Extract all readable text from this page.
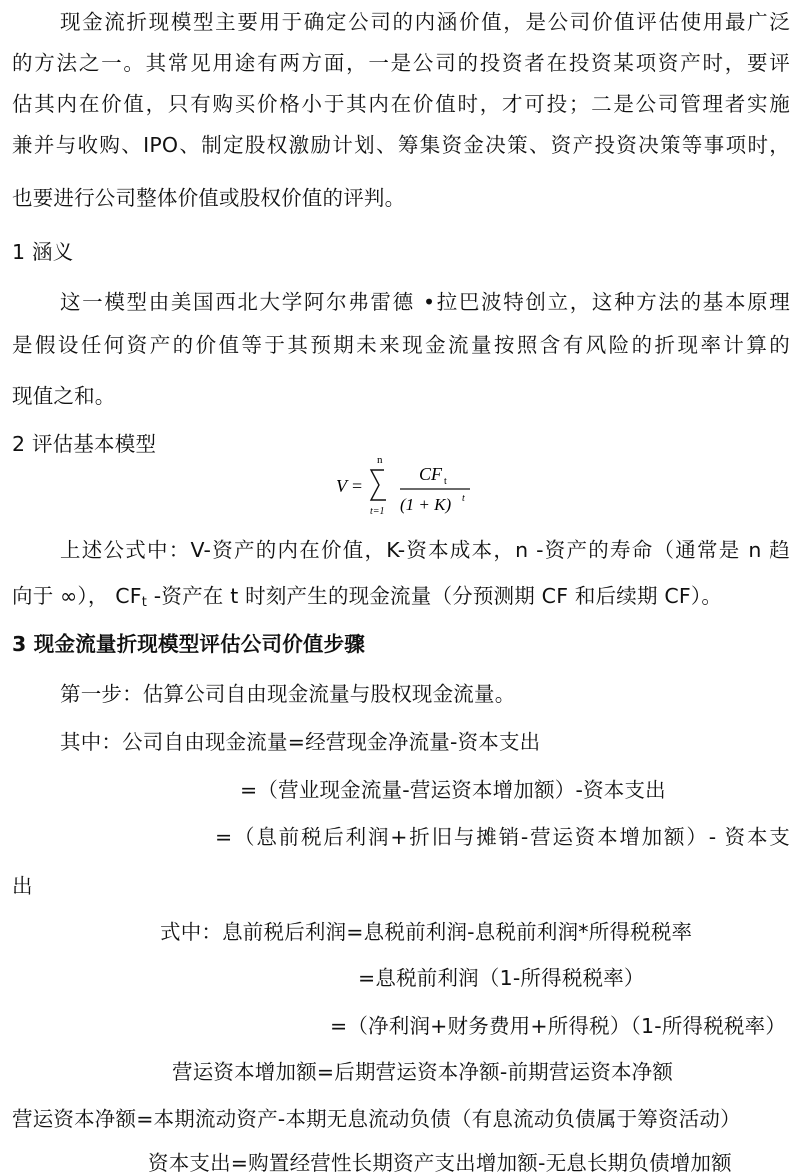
现金流折现模型主要用于确定公司的内涵价值，是公司价值评估使用最广泛
的方法之一。其常见用途有两方面，一是公司的投资者在投资某项资产时，要评
估其内在价值，只有购买价格小于其内在价值时，才可投；二是公司管理者实施
兼并与收购、IPO、制定股权激励计划、筹集资金决策、资产投资决策等事项时，
也要进行公司整体价值或股权价值的评判。
1 涵义
这一模型由美国西北大学阿尔弗雷德 •拉巴波特创立，这种方法的基本原理
是假设任何资产的价值等于其预期未来现金流量按照含有风险的折现率计算的
现值之和。
2 评估基本模型
V =
n
t=1
CF t
(1 + K) t
上述公式中：V-资产的内在价值，K-资本成本，n -资产的寿命（通常是 n 趋
向于 ∞）， $CF_t$ -资产在 t 时刻产生的现金流量（分预测期 CF 和后续期 CF）。
3 现金流量折现模型评估公司价值步骤
第一步：估算公司自由现金流量与股权现金流量。
其中：公司自由现金流量=经营现金净流量-资本支出
=（营业现金流量-营运资本增加额）-资本支出
=（息前税后利润+折旧与摊销-营运资本增加额）- 资本支
出
式中：息前税后利润=息税前利润-息税前利润*所得税税率
=息税前利润（1-所得税税率）
=（净利润+财务费用+所得税）（1-所得税税率）
营运资本增加额=后期营运资本净额-前期营运资本净额
营运资本净额=本期流动资产-本期无息流动负债（有息流动负债属于筹资活动）
资本支出=购置经营性长期资产支出增加额-无息长期负债增加额
